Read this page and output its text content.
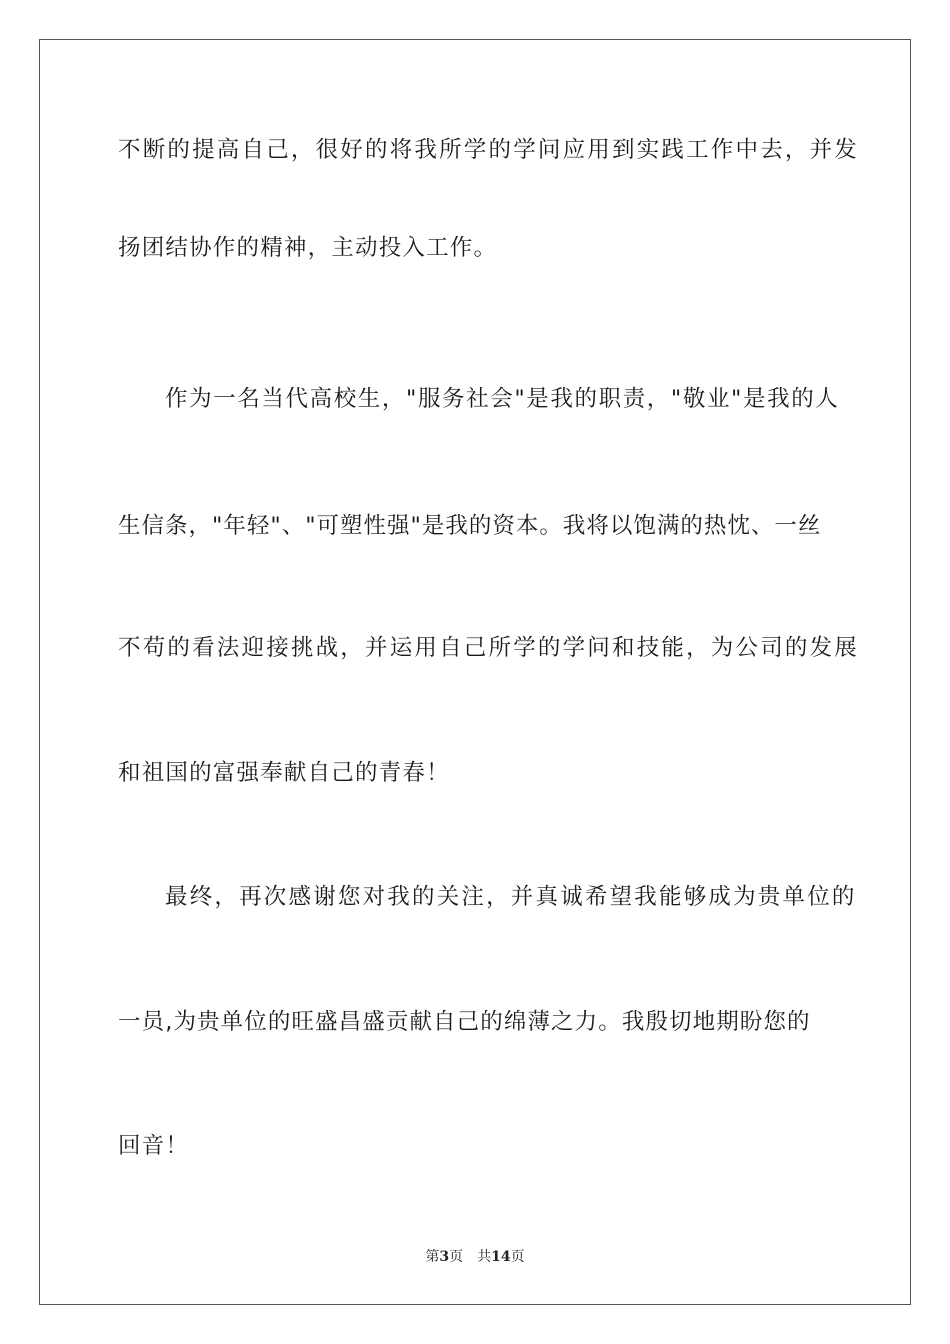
不断的提高自己，很好的将我所学的学问应用到实践工作中去，并发
扬团结协作的精神，主动投入工作。
作为一名当代高校生，"服务社会"是我的职责，"敬业"是我的人
生信条，"年轻"、"可塑性强"是我的资本。我将以饱满的热忱、一丝
不苟的看法迎接挑战，并运用自己所学的学问和技能，为公司的发展
和祖国的富强奉献自己的青春！
最终，再次感谢您对我的关注，并真诚希望我能够成为贵单位的
一员,为贵单位的旺盛昌盛贡献自己的绵薄之力。我殷切地期盼您的
回音！
第3页 共14页
